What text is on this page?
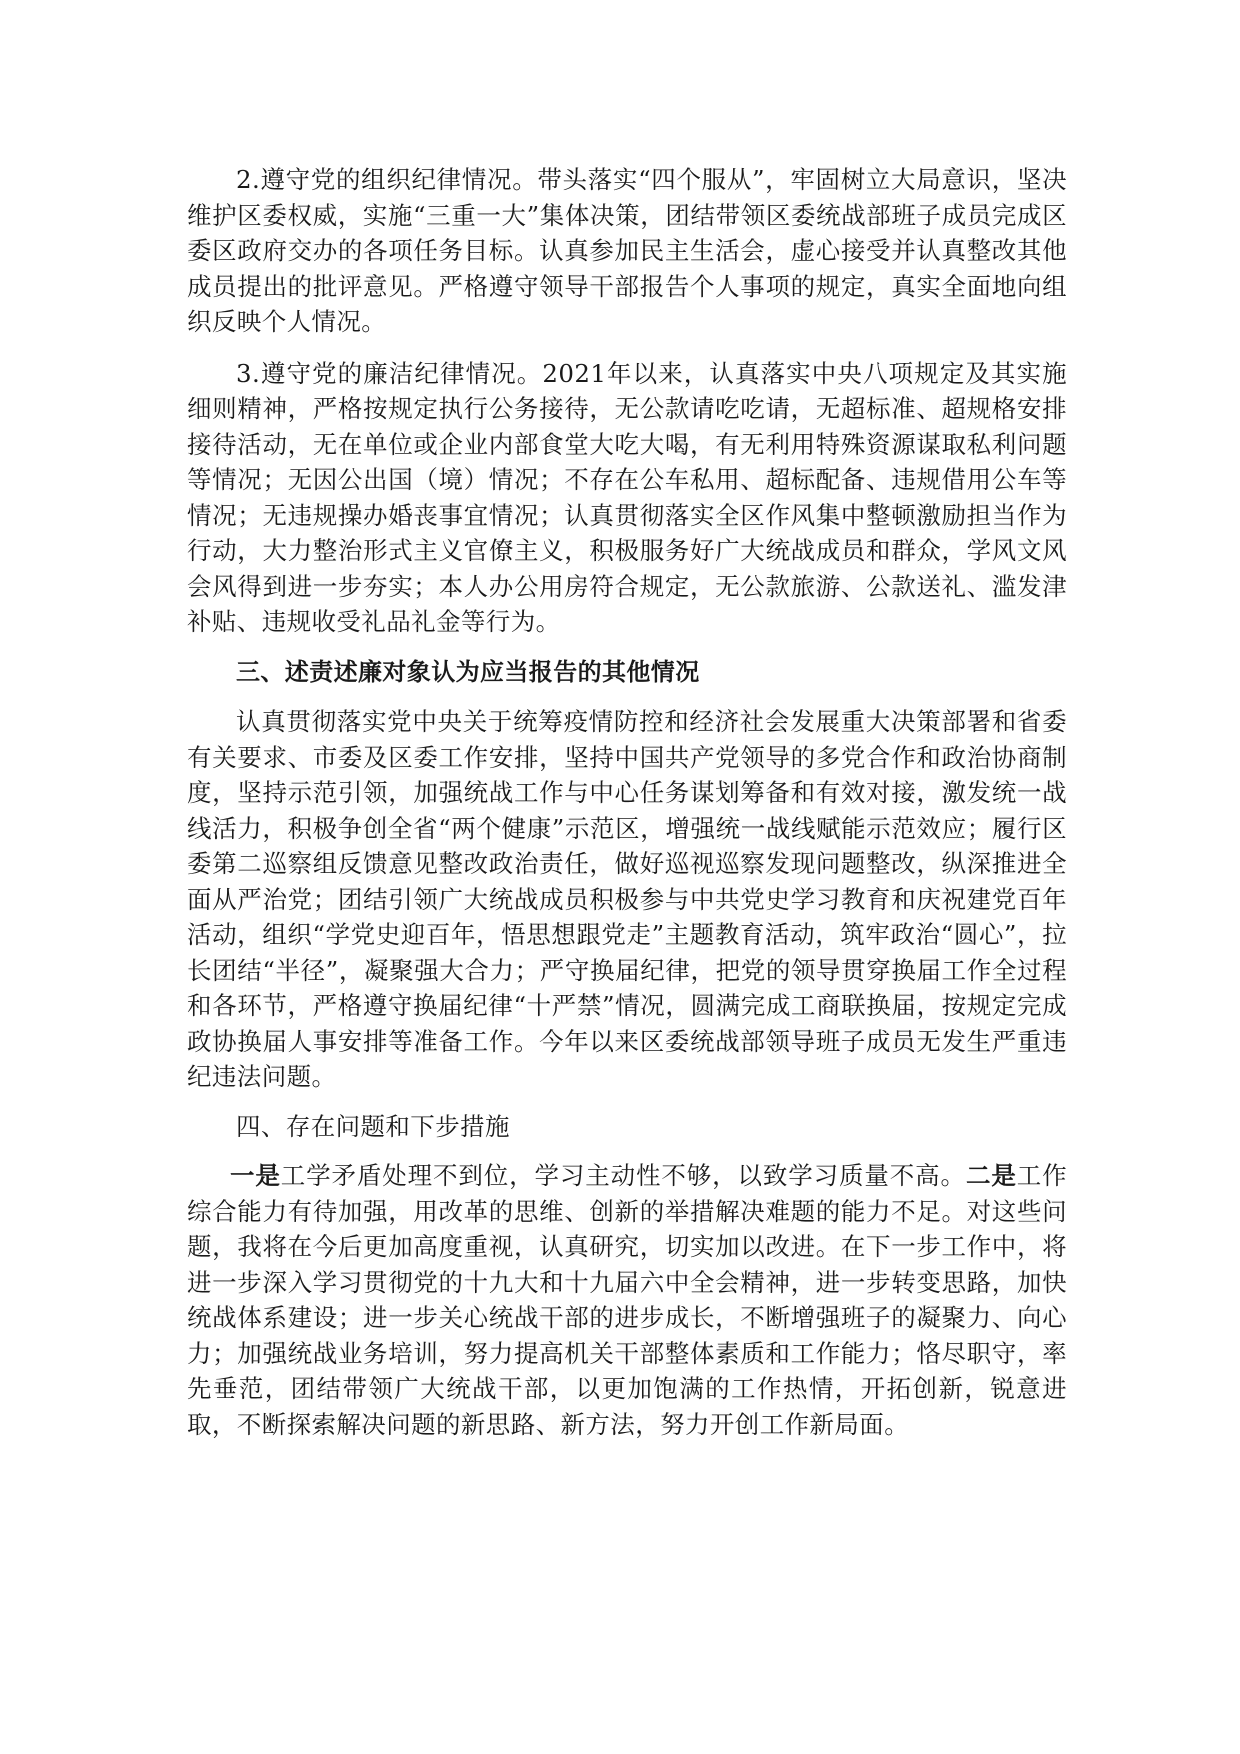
2.遵守党的组织纪律情况。带头落实“四个服从”，牢固树立大局意识，坚决维护区委权威，实施“三重一大”集体决策，团结带领区委统战部班子成员完成区委区政府交办的各项任务目标。认真参加民主生活会，虚心接受并认真整改其他成员提出的批评意见。严格遵守领导干部报告个人事项的规定，真实全面地向组织反映个人情况。

3.遵守党的廉洁纪律情况。2021年以来，认真落实中央八项规定及其实施细则精神，严格按规定执行公务接待，无公款请吃吃请，无超标准、超规格安排接待活动，无在单位或企业内部食堂大吃大喝，有无利用特殊资源谋取私利问题等情况；无因公出国（境）情况；不存在公车私用、超标配备、违规借用公车等情况；无违规操办婚丧事宜情况；认真贯彻落实全区作风集中整顿激励担当作为行动，大力整治形式主义官僚主义，积极服务好广大统战成员和群众，学风文风会风得到进一步夯实；本人办公用房符合规定，无公款旅游、公款送礼、滥发津补贴、违规收受礼品礼金等行为。

三、述责述廉对象认为应当报告的其他情况

认真贯彻落实党中央关于统筹疫情防控和经济社会发展重大决策部署和省委有关要求、市委及区委工作安排，坚持中国共产党领导的多党合作和政治协商制度，坚持示范引领，加强统战工作与中心任务谋划筹备和有效对接，激发统一战线活力，积极争创全省“两个健康”示范区，增强统一战线赋能示范效应；履行区委第二巡察组反馈意见整改政治责任，做好巡视巡察发现问题整改，纵深推进全面从严治党；团结引领广大统战成员积极参与中共党史学习教育和庆祝建党百年活动，组织“学党史迎百年，悟思想跟党走”主题教育活动，筑牢政治“圆心”，拉长团结“半径”，凝聚强大合力；严守换届纪律，把党的领导贯穿换届工作全过程和各环节，严格遵守换届纪律“十严禁”情况，圆满完成工商联换届，按规定完成政协换届人事安排等准备工作。今年以来区委统战部领导班子成员无发生严重违纪违法问题。

四、存在问题和下步措施

一是工学矛盾处理不到位，学习主动性不够，以致学习质量不高。二是工作综合能力有待加强，用改革的思维、创新的举措解决难题的能力不足。对这些问题，我将在今后更加高度重视，认真研究，切实加以改进。在下一步工作中，将进一步深入学习贯彻党的十九大和十九届六中全会精神，进一步转变思路，加快统战体系建设；进一步关心统战干部的进步成长，不断增强班子的凝聚力、向心力；加强统战业务培训，努力提高机关干部整体素质和工作能力；恪尽职守，率先垂范，团结带领广大统战干部，以更加饱满的工作热情，开拓创新，锐意进取，不断探索解决问题的新思路、新方法，努力开创工作新局面。
